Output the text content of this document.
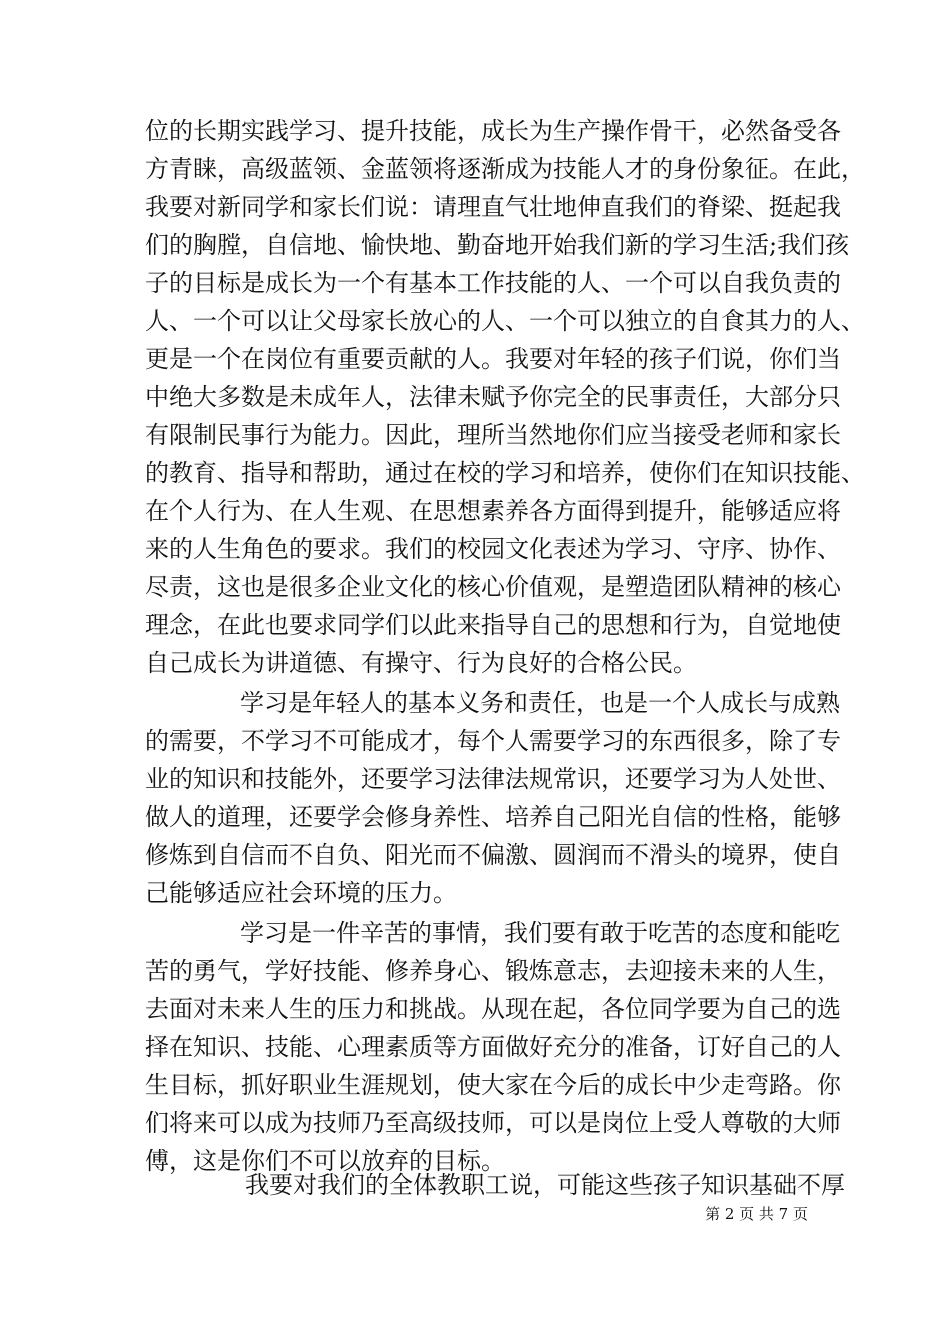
位的长期实践学习、提升技能，成长为生产操作骨干，必然备受各
方青睐，高级蓝领、金蓝领将逐渐成为技能人才的身份象征。在此，
我要对新同学和家长们说：请理直气壮地伸直我们的脊梁、挺起我
们的胸膛，自信地、愉快地、勤奋地开始我们新的学习生活;我们孩
子的目标是成长为一个有基本工作技能的人、一个可以自我负责的
人、一个可以让父母家长放心的人、一个可以独立的自食其力的人、
更是一个在岗位有重要贡献的人。我要对年轻的孩子们说，你们当
中绝大多数是未成年人，法律未赋予你完全的民事责任，大部分只
有限制民事行为能力。因此，理所当然地你们应当接受老师和家长
的教育、指导和帮助，通过在校的学习和培养，使你们在知识技能、
在个人行为、在人生观、在思想素养各方面得到提升，能够适应将
来的人生角色的要求。我们的校园文化表述为学习、守序、协作、
尽责，这也是很多企业文化的核心价值观，是塑造团队精神的核心
理念，在此也要求同学们以此来指导自己的思想和行为，自觉地使
自己成长为讲道德、有操守、行为良好的合格公民。
学习是年轻人的基本义务和责任，也是一个人成长与成熟
的需要，不学习不可能成才，每个人需要学习的东西很多，除了专
业的知识和技能外，还要学习法律法规常识，还要学习为人处世、
做人的道理，还要学会修身养性、培养自己阳光自信的性格，能够
修炼到自信而不自负、阳光而不偏激、圆润而不滑头的境界，使自
己能够适应社会环境的压力。
学习是一件辛苦的事情，我们要有敢于吃苦的态度和能吃
苦的勇气，学好技能、修养身心、锻炼意志，去迎接未来的人生，
去面对未来人生的压力和挑战。从现在起，各位同学要为自己的选
择在知识、技能、心理素质等方面做好充分的准备，订好自己的人
生目标，抓好职业生涯规划，使大家在今后的成长中少走弯路。你
们将来可以成为技师乃至高级技师，可以是岗位上受人尊敬的大师
傅，这是你们不可以放弃的目标。
我要对我们的全体教职工说，可能这些孩子知识基础不厚
第 2 页 共 7 页
